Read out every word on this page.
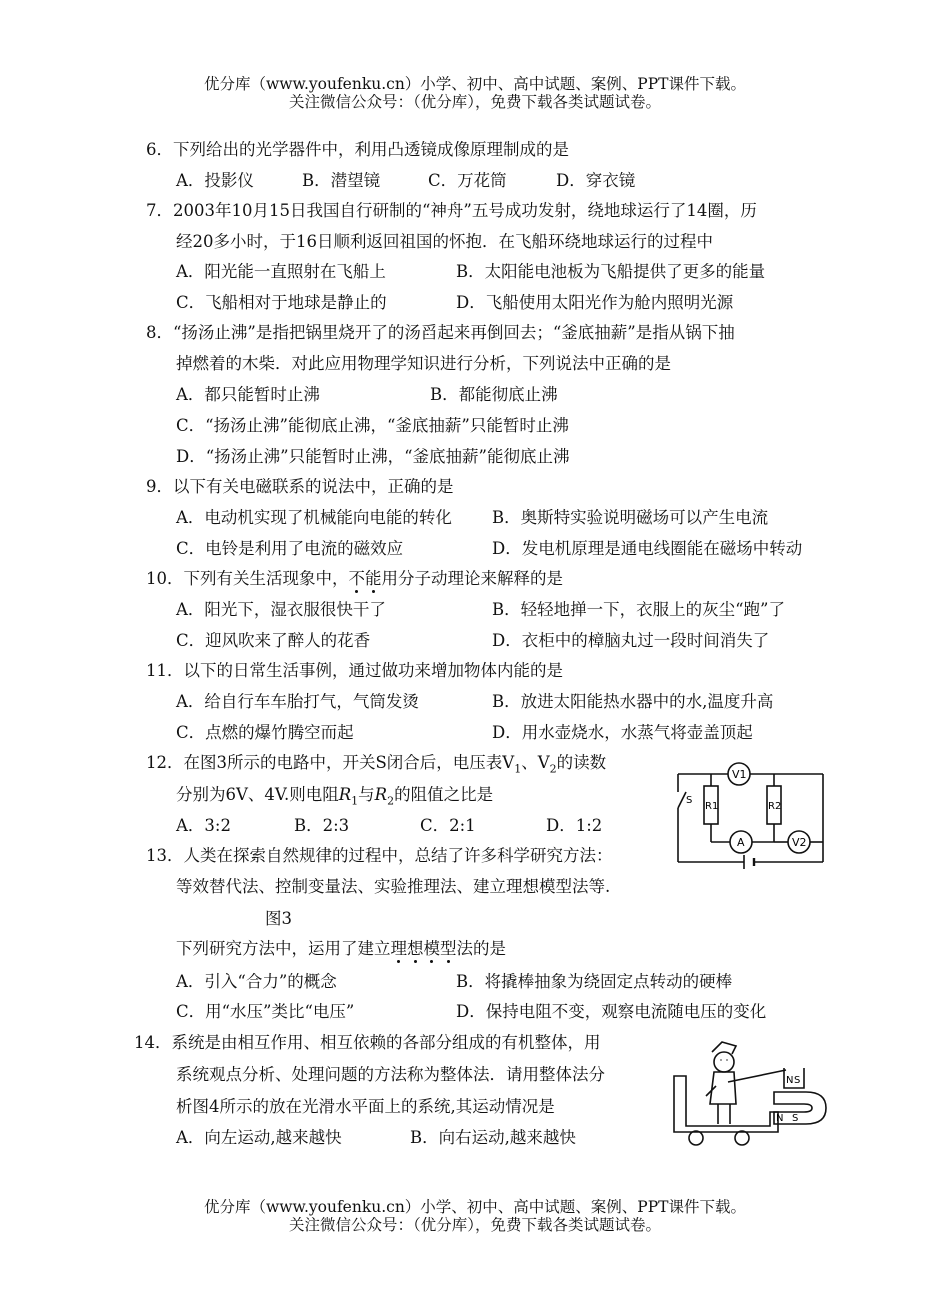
优分库（www.youfenku.cn）小学、初中、高中试题、案例、PPT课件下载。
关注微信公众号：（优分库），免费下载各类试题试卷。
6．下列给出的光学器件中，利用凸透镜成像原理制成的是
A．投影仪	B．潜望镜	C．万花筒	D．穿衣镜
7．2003年10月15日我国自行研制的“神舟”五号成功发射，绕地球运行了14圈，历
经20多小时，于16日顺利返回祖国的怀抱．在飞船环绕地球运行的过程中
A．阳光能一直照射在飞船上	B．太阳能电池板为飞船提供了更多的能量
C．飞船相对于地球是静止的	D．飞船使用太阳光作为舱内照明光源
8．“扬汤止沸”是指把锅里烧开了的汤舀起来再倒回去；“釜底抽薪”是指从锅下抽
掉燃着的木柴．对此应用物理学知识进行分析，下列说法中正确的是
A．都只能暂时止沸	B．都能彻底止沸
C．“扬汤止沸”能彻底止沸，“釜底抽薪”只能暂时止沸
D．“扬汤止沸”只能暂时止沸，“釜底抽薪”能彻底止沸
9．以下有关电磁联系的说法中，正确的是
A．电动机实现了机械能向电能的转化 B．奥斯特实验说明磁场可以产生电流
C．电铃是利用了电流的磁效应	D．发电机原理是通电线圈能在磁场中转动
10．下列有关生活现象中，不能用分子动理论来解释的是
A．阳光下，湿衣服很快干了	B．轻轻地掸一下，衣服上的灰尘“跑”了
C．迎风吹来了醉人的花香	D．衣柜中的樟脑丸过一段时间消失了
11．以下的日常生活事例，通过做功来增加物体内能的是
A．给自行车车胎打气，气筒发烫	B．放进太阳能热水器中的水,温度升高
C．点燃的爆竹腾空而起	D．用水壶烧水，水蒸气将壶盖顶起
12．在图3所示的电路中，开关S闭合后，电压表$V_1$、$V_2$的读数
分别为6V、4V.则电阻$R_1$与$R_2$的阻值之比是
A．3:2	B．2:3	C．2:1	D．1:2
V1
A	V2
R1	R2
S
13．人类在探索自然规律的过程中，总结了许多科学研究方法：
等效替代法、控制变量法、实验推理法、建立理想模型法等.
图3
下列研究方法中，运用了建立理想模型法的是
A．引入“合力”的概念	B．将撬棒抽象为绕固定点转动的硬棒
C．用“水压”类比“电压”	D．保持电阻不变，观察电流随电压的变化
14．系统是由相互作用、相互依赖的各部分组成的有机整体，用
系统观点分析、处理问题的方法称为整体法．请用整体法分
析图4所示的放在光滑水平面上的系统,其运动情况是
A．向左运动,越来越快	B．向右运动,越来越快
N S
N S
优分库（www.youfenku.cn）小学、初中、高中试题、案例、PPT课件下载。
关注微信公众号：（优分库），免费下载各类试题试卷。
